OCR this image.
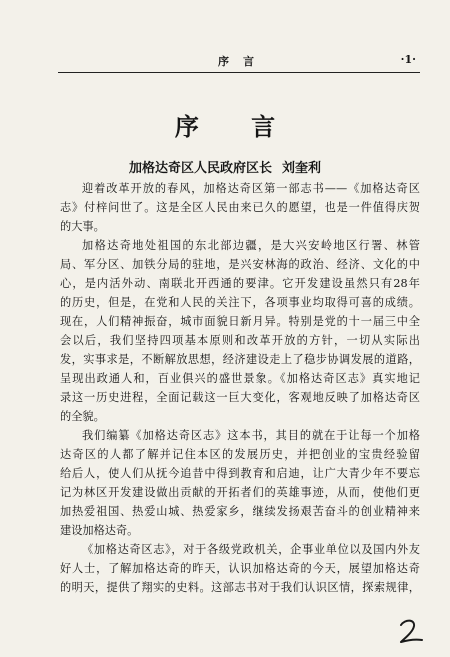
序言	·1·
序 言
加格达奇区人民政府区长 刘奎利
迎着改革开放的春风，加格达奇区第一部志书——《加格达奇区
志》付梓问世了。这是全区人民由来已久的愿望，也是一件值得庆贺
的大事。
加格达奇地处祖国的东北部边疆，是大兴安岭地区行署、林管
局、军分区、加铁分局的驻地，是兴安林海的政治、经济、文化的中
心，是内活外动、南联北开西通的要津。它开发建设虽然只有28年
的历史，但是，在党和人民的关注下，各项事业均取得可喜的成绩。
现在，人们精神振奋，城市面貌日新月异。特别是党的十一届三中全
会以后，我们坚持四项基本原则和改革开放的方针，一切从实际出
发，实事求是，不断解放思想，经济建设走上了稳步协调发展的道路，
呈现出政通人和，百业俱兴的盛世景象。《加格达奇区志》真实地记
录这一历史进程，全面记载这一巨大变化，客观地反映了加格达奇区
的全貌。
我们编纂《加格达奇区志》这本书，其目的就在于让每一个加格
达奇区的人都了解并记住本区的发展历史，并把创业的宝贵经验留
给后人，使人们从抚今追昔中得到教育和启迪，让广大青少年不要忘
记为林区开发建设做出贡献的开拓者们的英雄事迹，从而，使他们更
加热爱祖国、热爱山城、热爱家乡，继续发扬艰苦奋斗的创业精神来
建设加格达奇。
《加格达奇区志》，对于各级党政机关，企事业单位以及国内外友
好人士，了解加格达奇的昨天，认识加格达奇的今天，展望加格达奇
的明天，提供了翔实的史料。这部志书对于我们认识区情，探索规律，
